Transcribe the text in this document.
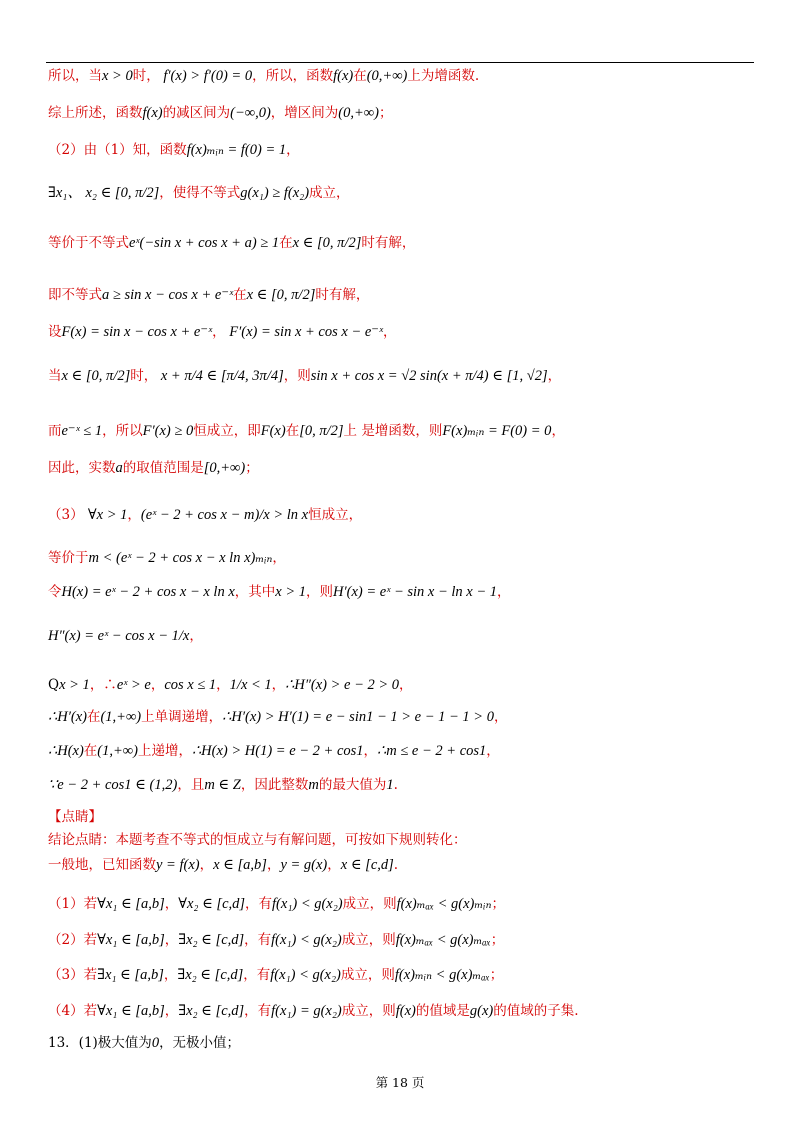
所以，当x > 0时， f′(x) > f′(0) = 0，所以，函数f(x)在(0,+∞)上为增函数.
综上所述，函数f(x)的减区间为(−∞,0)，增区间为(0,+∞)；
（2）由（1）知，函数f(x)ₘᵢₙ = f(0) = 1，
∃x₁、 x₂ ∈ [0, π/2]，使得不等式g(x₁) ≥ f(x₂)成立，
等价于不等式eˣ(−sin x + cos x + a) ≥ 1在x ∈ [0, π/2]时有解，
即不等式a ≥ sin x − cos x + e⁻ˣ在x ∈ [0, π/2]时有解，
设F(x) = sin x − cos x + e⁻ˣ， F′(x) = sin x + cos x − e⁻ˣ，
当x ∈ [0, π/2]时， x + π/4 ∈ [π/4, 3π/4]，则sin x + cos x = √2 sin(x + π/4) ∈ [1, √2]，
而e⁻ˣ ≤ 1，所以F′(x) ≥ 0恒成立，即F(x)在[0, π/2]上 是增函数，则F(x)ₘᵢₙ = F(0) = 0，
因此，实数a的取值范围是[0,+∞)；
（3） ∀x > 1，(eˣ − 2 + cos x − m)/x > ln x恒成立，
等价于m < (eˣ − 2 + cos x − x ln x)ₘᵢₙ，
令H(x) = eˣ − 2 + cos x − x ln x，其中x > 1，则H′(x) = eˣ − sin x − ln x − 1，
H″(x) = eˣ − cos x − 1/x，
Qx > 1，∴eˣ > e，cos x ≤ 1，1/x < 1，∴H″(x) > e − 2 > 0，
∴H′(x)在(1,+∞)上单调递增，∴H′(x) > H′(1) = e − sin1 − 1 > e − 1 − 1 > 0，
∴H(x)在(1,+∞)上递增，∴H(x) > H(1) = e − 2 + cos1，∴m ≤ e − 2 + cos1，
∵e − 2 + cos1 ∈ (1,2)，且m ∈ Z，因此整数m的最大值为1.
【点睛】
结论点睛：本题考查不等式的恒成立与有解问题，可按如下规则转化：
一般地，已知函数y = f(x)，x ∈ [a,b]，y = g(x)，x ∈ [c,d].
（1）若∀x₁ ∈ [a,b]，∀x₂ ∈ [c,d]，有f(x₁) < g(x₂)成立，则f(x)ₘₐₓ < g(x)ₘᵢₙ；
（2）若∀x₁ ∈ [a,b]，∃x₂ ∈ [c,d]，有f(x₁) < g(x₂)成立，则f(x)ₘₐₓ < g(x)ₘₐₓ；
（3）若∃x₁ ∈ [a,b]，∃x₂ ∈ [c,d]，有f(x₁) < g(x₂)成立，则f(x)ₘᵢₙ < g(x)ₘₐₓ；
（4）若∀x₁ ∈ [a,b]，∃x₂ ∈ [c,d]，有f(x₁) = g(x₂)成立，则f(x)的值域是g(x)的值域的子集.
13．(1)极大值为0，无极小值；
第 18 页
